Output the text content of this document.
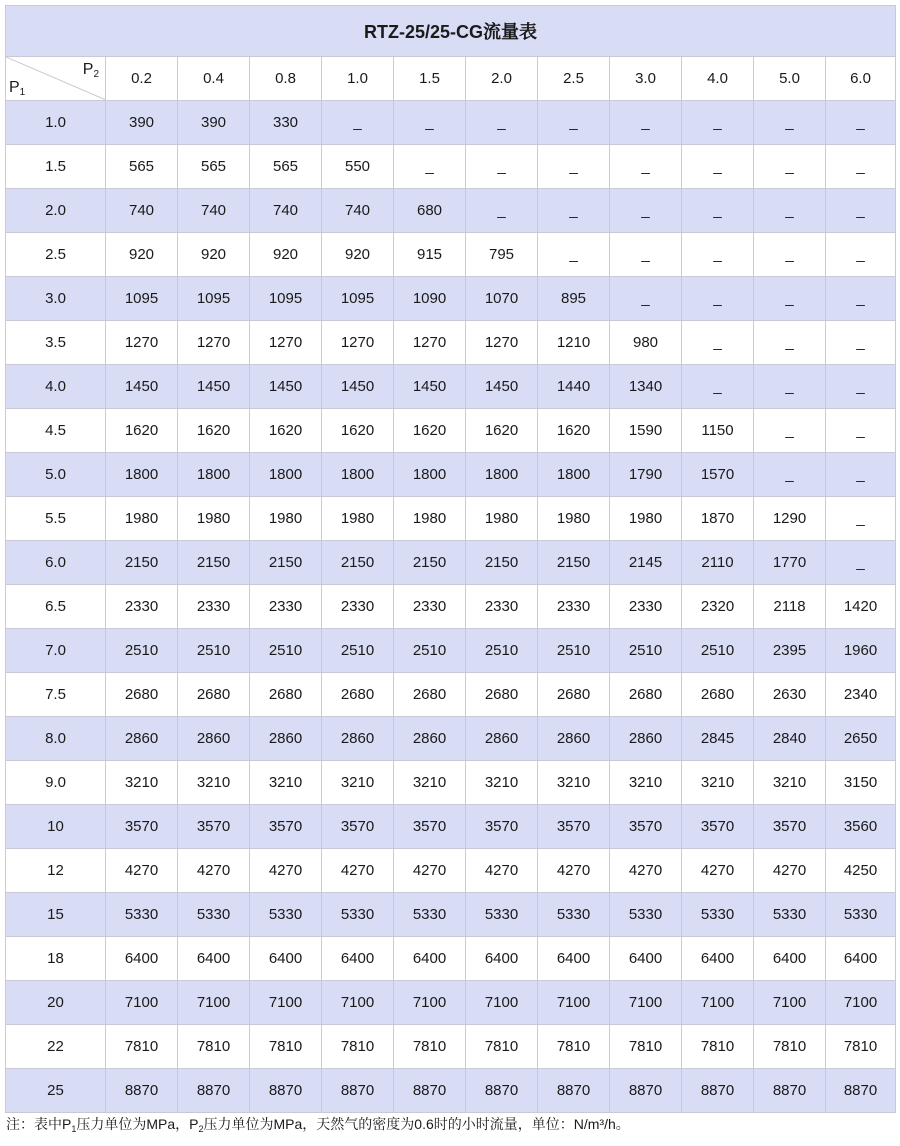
RTZ-25/25-CG流量表											

$P_2$
$P_1$	0.2	0.4	0.8	1.0	1.5	2.0	2.5	3.0	4.0	5.0	6.0
1.0	390	390	330	_	_	_	_	_	_	_	_
1.5	565	565	565	550	_	_	_	_	_	_	_
2.0	740	740	740	740	680	_	_	_	_	_	_
2.5	920	920	920	920	915	795	_	_	_	_	_
3.0	1095	1095	1095	1095	1090	1070	895	_	_	_	_
3.5	1270	1270	1270	1270	1270	1270	1210	980	_	_	_
4.0	1450	1450	1450	1450	1450	1450	1440	1340	_	_	_
4.5	1620	1620	1620	1620	1620	1620	1620	1590	1150	_	_
5.0	1800	1800	1800	1800	1800	1800	1800	1790	1570	_	_
5.5	1980	1980	1980	1980	1980	1980	1980	1980	1870	1290	_
6.0	2150	2150	2150	2150	2150	2150	2150	2145	2110	1770	_
6.5	2330	2330	2330	2330	2330	2330	2330	2330	2320	2118	1420
7.0	2510	2510	2510	2510	2510	2510	2510	2510	2510	2395	1960
7.5	2680	2680	2680	2680	2680	2680	2680	2680	2680	2630	2340
8.0	2860	2860	2860	2860	2860	2860	2860	2860	2845	2840	2650
9.0	3210	3210	3210	3210	3210	3210	3210	3210	3210	3210	3150
10	3570	3570	3570	3570	3570	3570	3570	3570	3570	3570	3560
12	4270	4270	4270	4270	4270	4270	4270	4270	4270	4270	4250
15	5330	5330	5330	5330	5330	5330	5330	5330	5330	5330	5330
18	6400	6400	6400	6400	6400	6400	6400	6400	6400	6400	6400
20	7100	7100	7100	7100	7100	7100	7100	7100	7100	7100	7100
22	7810	7810	7810	7810	7810	7810	7810	7810	7810	7810	7810
25	8870	8870	8870	8870	8870	8870	8870	8870	8870	8870	8870
注：表中$P_1$压力单位为MPa，$P_2$压力单位为MPa，天然气的密度为0.6时的小时流量，单位：N/m³/h。
